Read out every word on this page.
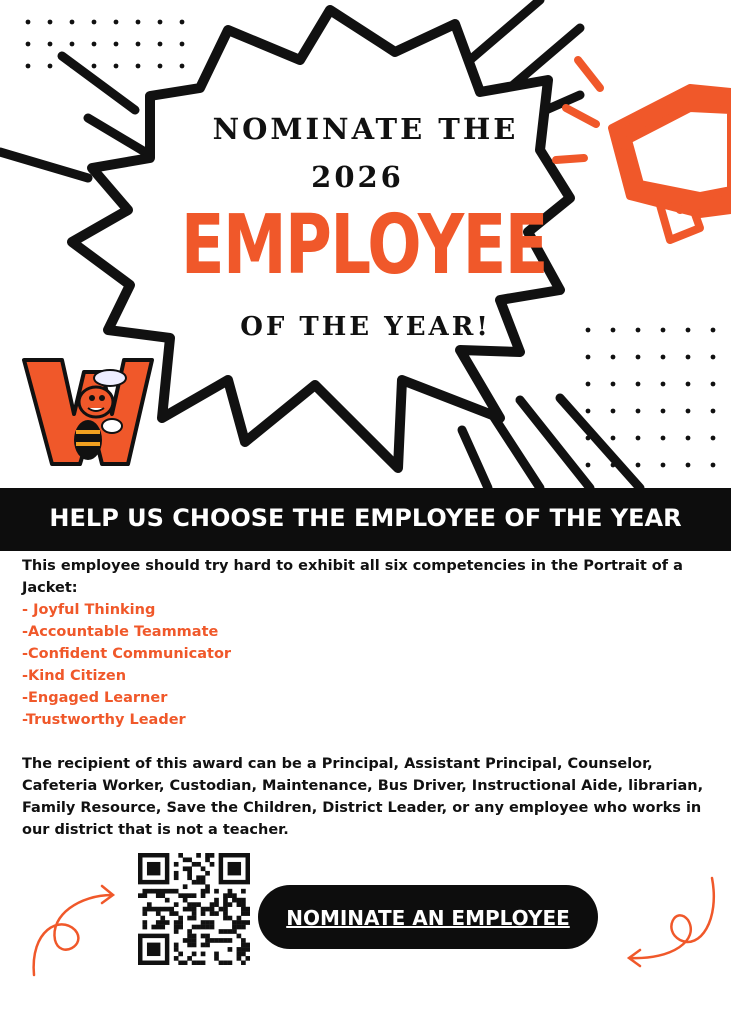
NOMINATE THE
2026
EMPLOYEE
OF THE YEAR!
HELP US CHOOSE THE EMPLOYEE OF THE YEAR
This employee should try hard to exhibit all six competencies in the Portrait of a Jacket:
- Joyful Thinking
-Accountable Teammate
-Confident Communicator
-Kind Citizen
-Engaged Learner
-Trustworthy Leader
The recipient of this award can be a Principal, Assistant Principal, Counselor, Cafeteria Worker, Custodian, Maintenance, Bus Driver, Instructional Aide, librarian, Family Resource, Save the Children, District Leader, or any employee who works in our district that is not a teacher.
NOMINATE AN EMPLOYEE
